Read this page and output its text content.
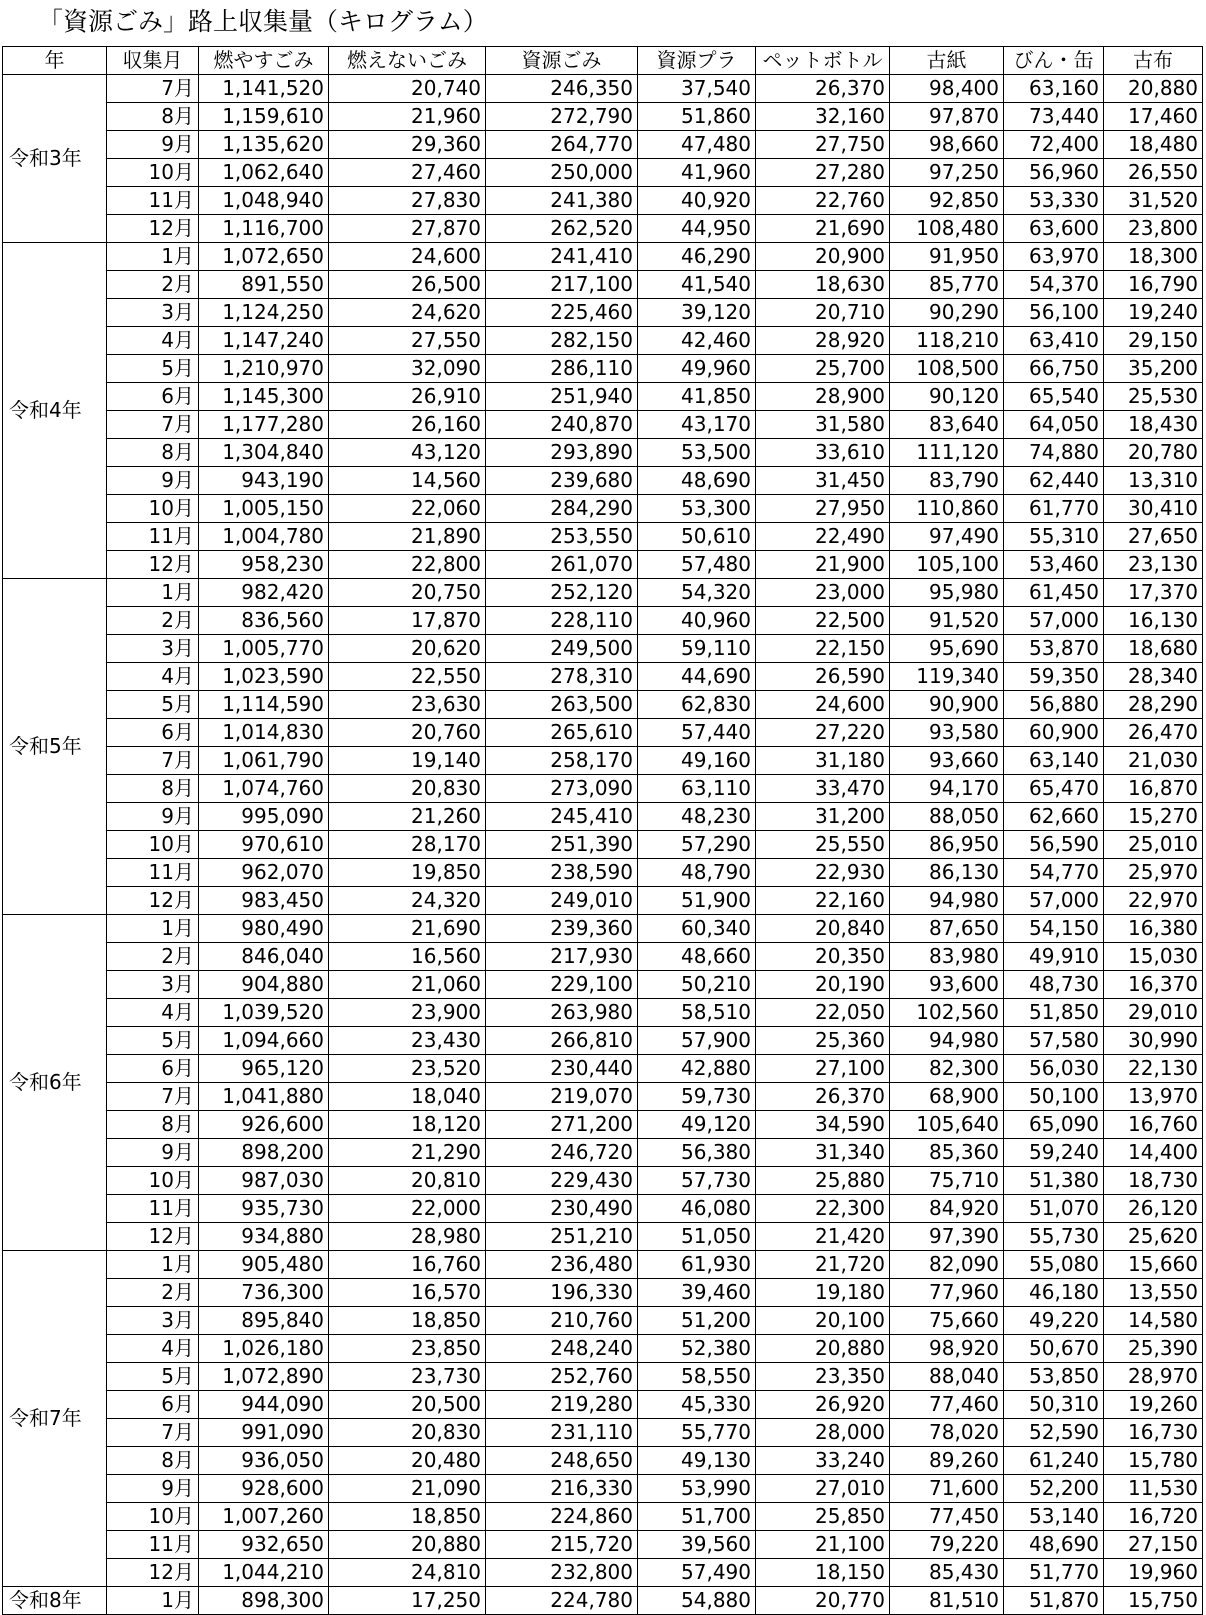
「資源ごみ」路上収集量（キログラム）
年	収集月	燃やすごみ	燃えないごみ	資源ごみ	資源プラ	ペットボトル	古紙	びん・缶	古布
令和3年	7月	1,141,520	20,740	246,350	37,540	26,370	98,400	63,160	20,880
	8月	1,159,610	21,960	272,790	51,860	32,160	97,870	73,440	17,460
	9月	1,135,620	29,360	264,770	47,480	27,750	98,660	72,400	18,480
	10月	1,062,640	27,460	250,000	41,960	27,280	97,250	56,960	26,550
	11月	1,048,940	27,830	241,380	40,920	22,760	92,850	53,330	31,520
	12月	1,116,700	27,870	262,520	44,950	21,690	108,480	63,600	23,800
令和4年	1月	1,072,650	24,600	241,410	46,290	20,900	91,950	63,970	18,300
	2月	891,550	26,500	217,100	41,540	18,630	85,770	54,370	16,790
	3月	1,124,250	24,620	225,460	39,120	20,710	90,290	56,100	19,240
	4月	1,147,240	27,550	282,150	42,460	28,920	118,210	63,410	29,150
	5月	1,210,970	32,090	286,110	49,960	25,700	108,500	66,750	35,200
	6月	1,145,300	26,910	251,940	41,850	28,900	90,120	65,540	25,530
	7月	1,177,280	26,160	240,870	43,170	31,580	83,640	64,050	18,430
	8月	1,304,840	43,120	293,890	53,500	33,610	111,120	74,880	20,780
	9月	943,190	14,560	239,680	48,690	31,450	83,790	62,440	13,310
	10月	1,005,150	22,060	284,290	53,300	27,950	110,860	61,770	30,410
	11月	1,004,780	21,890	253,550	50,610	22,490	97,490	55,310	27,650
	12月	958,230	22,800	261,070	57,480	21,900	105,100	53,460	23,130
令和5年	1月	982,420	20,750	252,120	54,320	23,000	95,980	61,450	17,370
	2月	836,560	17,870	228,110	40,960	22,500	91,520	57,000	16,130
	3月	1,005,770	20,620	249,500	59,110	22,150	95,690	53,870	18,680
	4月	1,023,590	22,550	278,310	44,690	26,590	119,340	59,350	28,340
	5月	1,114,590	23,630	263,500	62,830	24,600	90,900	56,880	28,290
	6月	1,014,830	20,760	265,610	57,440	27,220	93,580	60,900	26,470
	7月	1,061,790	19,140	258,170	49,160	31,180	93,660	63,140	21,030
	8月	1,074,760	20,830	273,090	63,110	33,470	94,170	65,470	16,870
	9月	995,090	21,260	245,410	48,230	31,200	88,050	62,660	15,270
	10月	970,610	28,170	251,390	57,290	25,550	86,950	56,590	25,010
	11月	962,070	19,850	238,590	48,790	22,930	86,130	54,770	25,970
	12月	983,450	24,320	249,010	51,900	22,160	94,980	57,000	22,970
令和6年	1月	980,490	21,690	239,360	60,340	20,840	87,650	54,150	16,380
	2月	846,040	16,560	217,930	48,660	20,350	83,980	49,910	15,030
	3月	904,880	21,060	229,100	50,210	20,190	93,600	48,730	16,370
	4月	1,039,520	23,900	263,980	58,510	22,050	102,560	51,850	29,010
	5月	1,094,660	23,430	266,810	57,900	25,360	94,980	57,580	30,990
	6月	965,120	23,520	230,440	42,880	27,100	82,300	56,030	22,130
	7月	1,041,880	18,040	219,070	59,730	26,370	68,900	50,100	13,970
	8月	926,600	18,120	271,200	49,120	34,590	105,640	65,090	16,760
	9月	898,200	21,290	246,720	56,380	31,340	85,360	59,240	14,400
	10月	987,030	20,810	229,430	57,730	25,880	75,710	51,380	18,730
	11月	935,730	22,000	230,490	46,080	22,300	84,920	51,070	26,120
	12月	934,880	28,980	251,210	51,050	21,420	97,390	55,730	25,620
令和7年	1月	905,480	16,760	236,480	61,930	21,720	82,090	55,080	15,660
	2月	736,300	16,570	196,330	39,460	19,180	77,960	46,180	13,550
	3月	895,840	18,850	210,760	51,200	20,100	75,660	49,220	14,580
	4月	1,026,180	23,850	248,240	52,380	20,880	98,920	50,670	25,390
	5月	1,072,890	23,730	252,760	58,550	23,350	88,040	53,850	28,970
	6月	944,090	20,500	219,280	45,330	26,920	77,460	50,310	19,260
	7月	991,090	20,830	231,110	55,770	28,000	78,020	52,590	16,730
	8月	936,050	20,480	248,650	49,130	33,240	89,260	61,240	15,780
	9月	928,600	21,090	216,330	53,990	27,010	71,600	52,200	11,530
	10月	1,007,260	18,850	224,860	51,700	25,850	77,450	53,140	16,720
	11月	932,650	20,880	215,720	39,560	21,100	79,220	48,690	27,150
	12月	1,044,210	24,810	232,800	57,490	18,150	85,430	51,770	19,960
令和8年	1月	898,300	17,250	224,780	54,880	20,770	81,510	51,870	15,750
